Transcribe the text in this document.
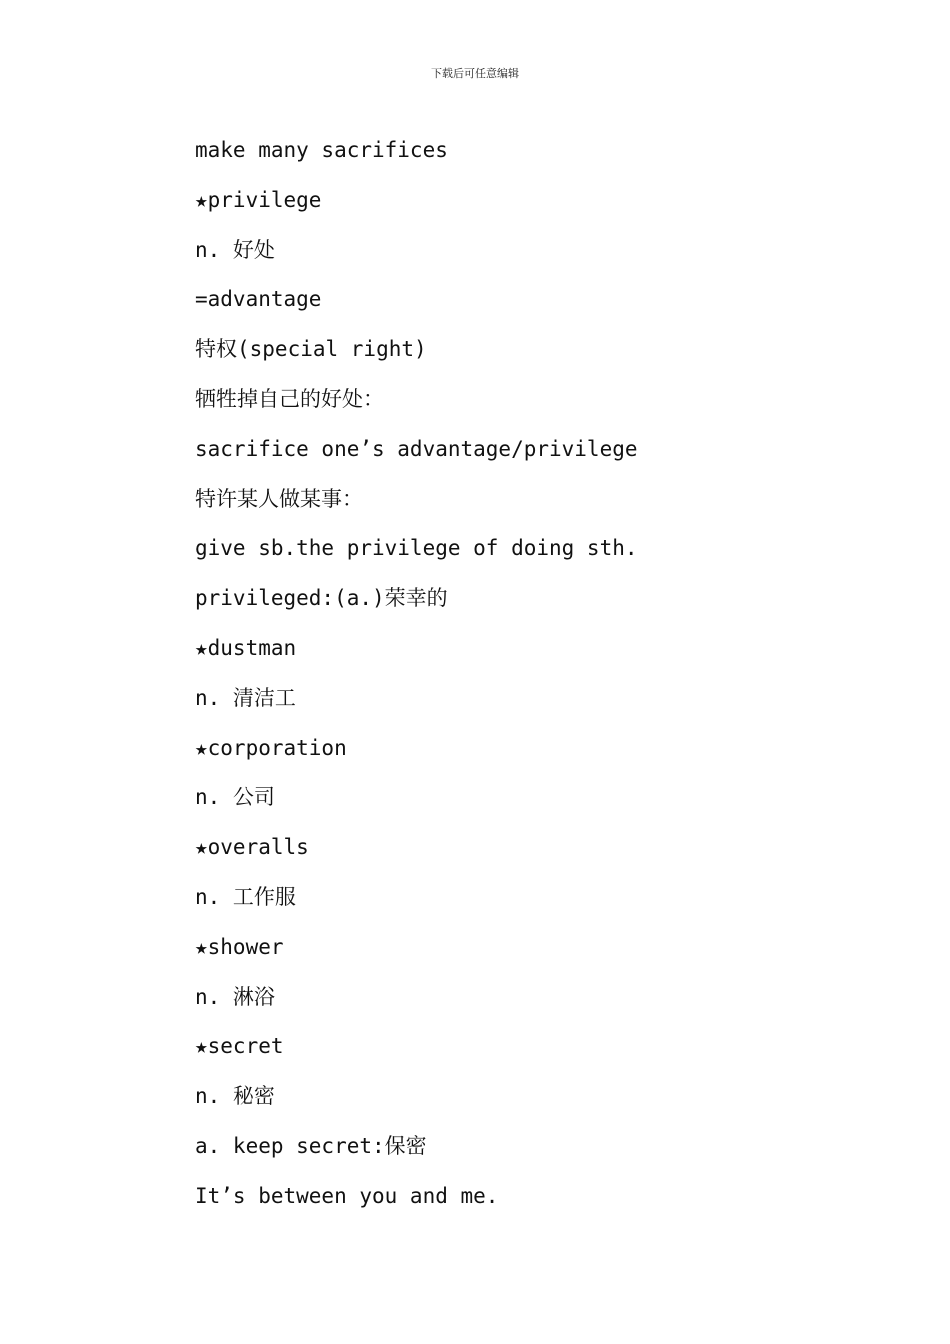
下载后可任意编辑
make many sacrifices
★privilege
n. 好处
=advantage
特权(special right)
牺牲掉自己的好处：
sacrifice one’s advantage/privilege
特许某人做某事：
give sb.the privilege of doing sth.
privileged:(a.)荣幸的
★dustman
n. 清洁工
★corporation
n. 公司
★overalls
n. 工作服
★shower
n. 淋浴
★secret
n. 秘密
a. keep secret:保密
It’s between you and me.
